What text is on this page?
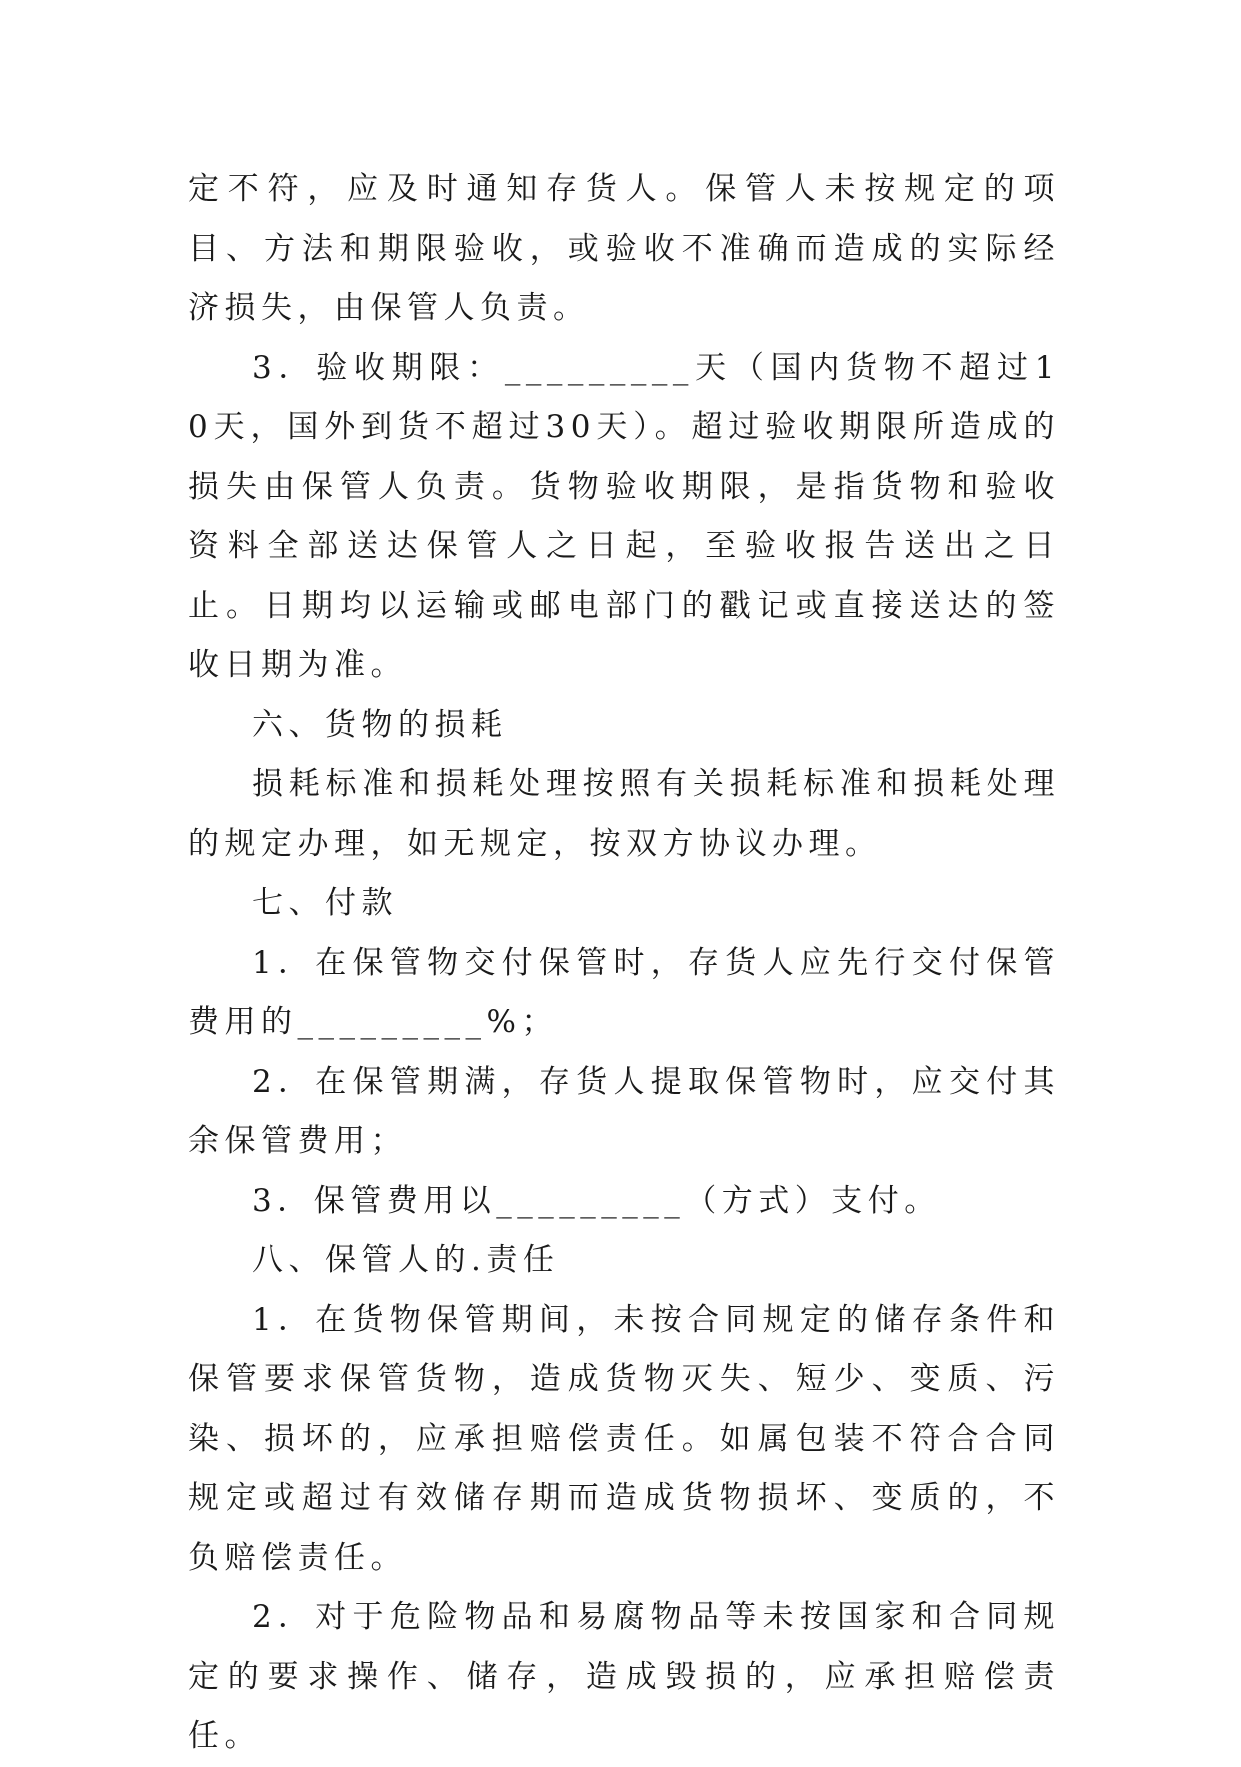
定不符，应及时通知存货人。保管人未按规定的项目、方法和期限验收，或验收不准确而造成的实际经济损失，由保管人负责。

3．验收期限：_________天（国内货物不超过10天，国外到货不超过30天）。超过验收期限所造成的损失由保管人负责。货物验收期限，是指货物和验收资料全部送达保管人之日起，至验收报告送出之日止。日期均以运输或邮电部门的戳记或直接送达的签收日期为准。

六、货物的损耗

损耗标准和损耗处理按照有关损耗标准和损耗处理的规定办理，如无规定，按双方协议办理。

七、付款

1．在保管物交付保管时，存货人应先行交付保管费用的_________%；

2．在保管期满，存货人提取保管物时，应交付其余保管费用；

3．保管费用以_________（方式）支付。

八、保管人的.责任

1．在货物保管期间，未按合同规定的储存条件和保管要求保管货物，造成货物灭失、短少、变质、污染、损坏的，应承担赔偿责任。如属包装不符合合同规定或超过有效储存期而造成货物损坏、变质的，不负赔偿责任。

2．对于危险物品和易腐物品等未按国家和合同规定的要求操作、储存，造成毁损的，应承担赔偿责任。
